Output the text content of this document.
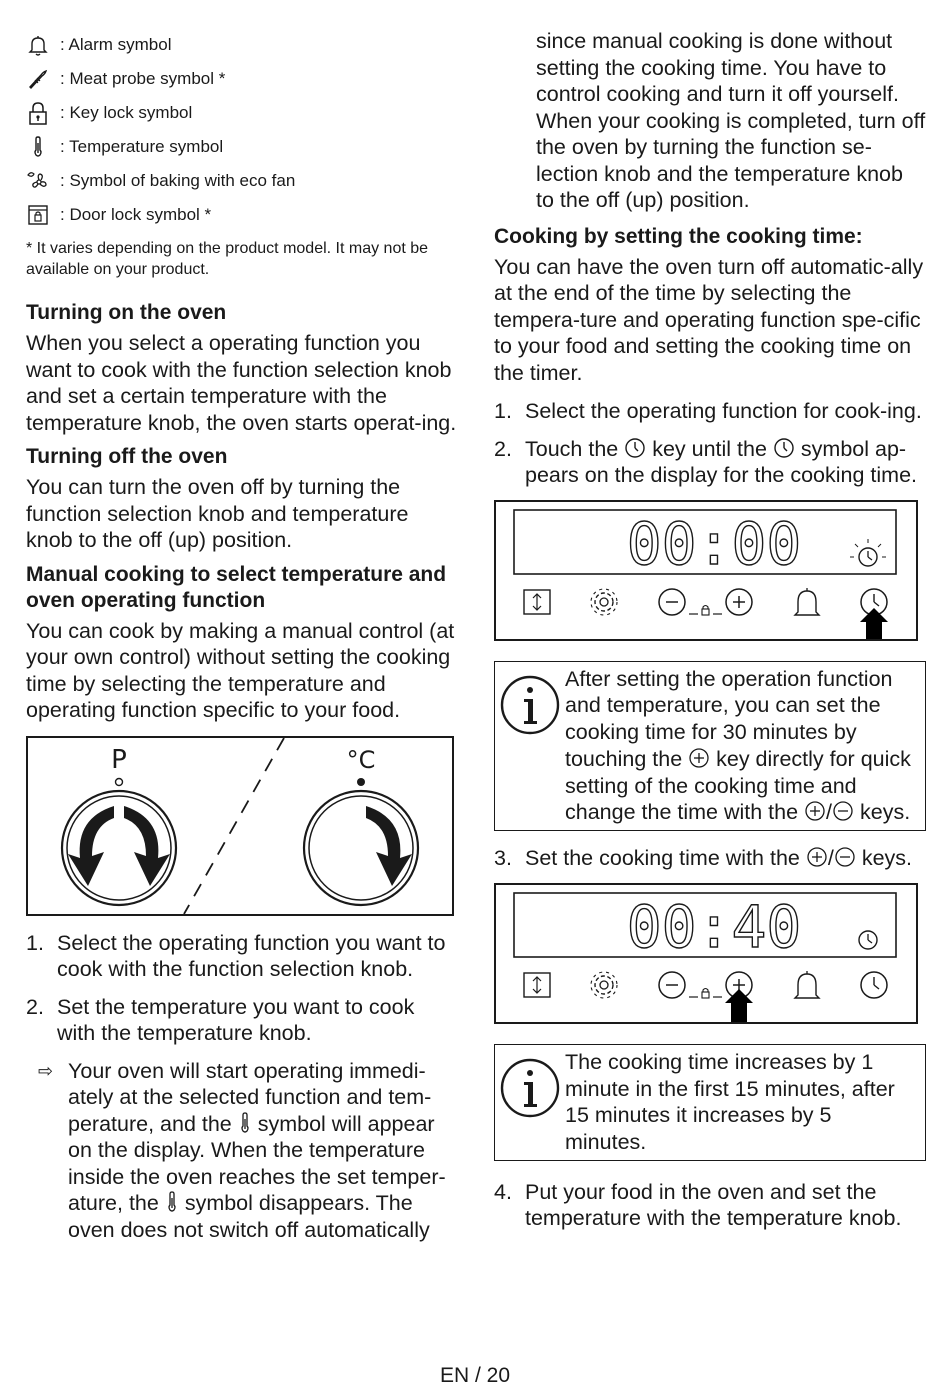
: Alarm symbol
: Meat probe symbol *
: Key lock symbol
: Temperature symbol
: Symbol of baking with eco fan
: Door lock symbol *
* It varies depending on the product model. It may not be available on your product.
Turning on the oven

When you select a operating function you want to cook with the function selection knob and set a certain temperature with the temperature knob, the oven starts operat-ing.

Turning off the oven

You can turn the oven off by turning the function selection knob and temperature knob to the off (up) position.

Manual cooking to select temperature and oven operating function

You can cook by making a manual control (at your own control) without setting the cooking time by selecting the temperature and operating function specific to your food.

P	°C
1. Select the operating function you want to cook with the function selection knob.
2. Set the temperature you want to cook with the temperature knob.
⇨ Your oven will start operating immedi-ately at the selected function and tem-perature, and the symbol will appear on the display. When the temperature inside the oven reaches the set temper-ature, the symbol disappears. The oven does not switch off automatically

since manual cooking is done without setting the cooking time. You have to control cooking and turn it off yourself. When your cooking is completed, turn off the oven by turning the function se-lection knob and the temperature knob to the off (up) position.

Cooking by setting the cooking time:

You can have the oven turn off automatic-ally at the end of the time by selecting the tempera-ture and operating function spe-cific to your food and setting the cooking time on the timer.

1. Select the operating function for cook-ing.
2. Touch the key until the symbol ap-pears on the display for the cooking time.
00:00
After setting the operation function and temperature, you can set the cooking time for 30 minutes by touching the key directly for quick setting of the cooking time and change the time with the / keys.
3. Set the cooking time with the / keys.
00:40
The cooking time increases by 1 minute in the first 15 minutes, after 15 minutes it increases by 5 minutes.
4. Put your food in the oven and set the temperature with the temperature knob.
EN / 20
